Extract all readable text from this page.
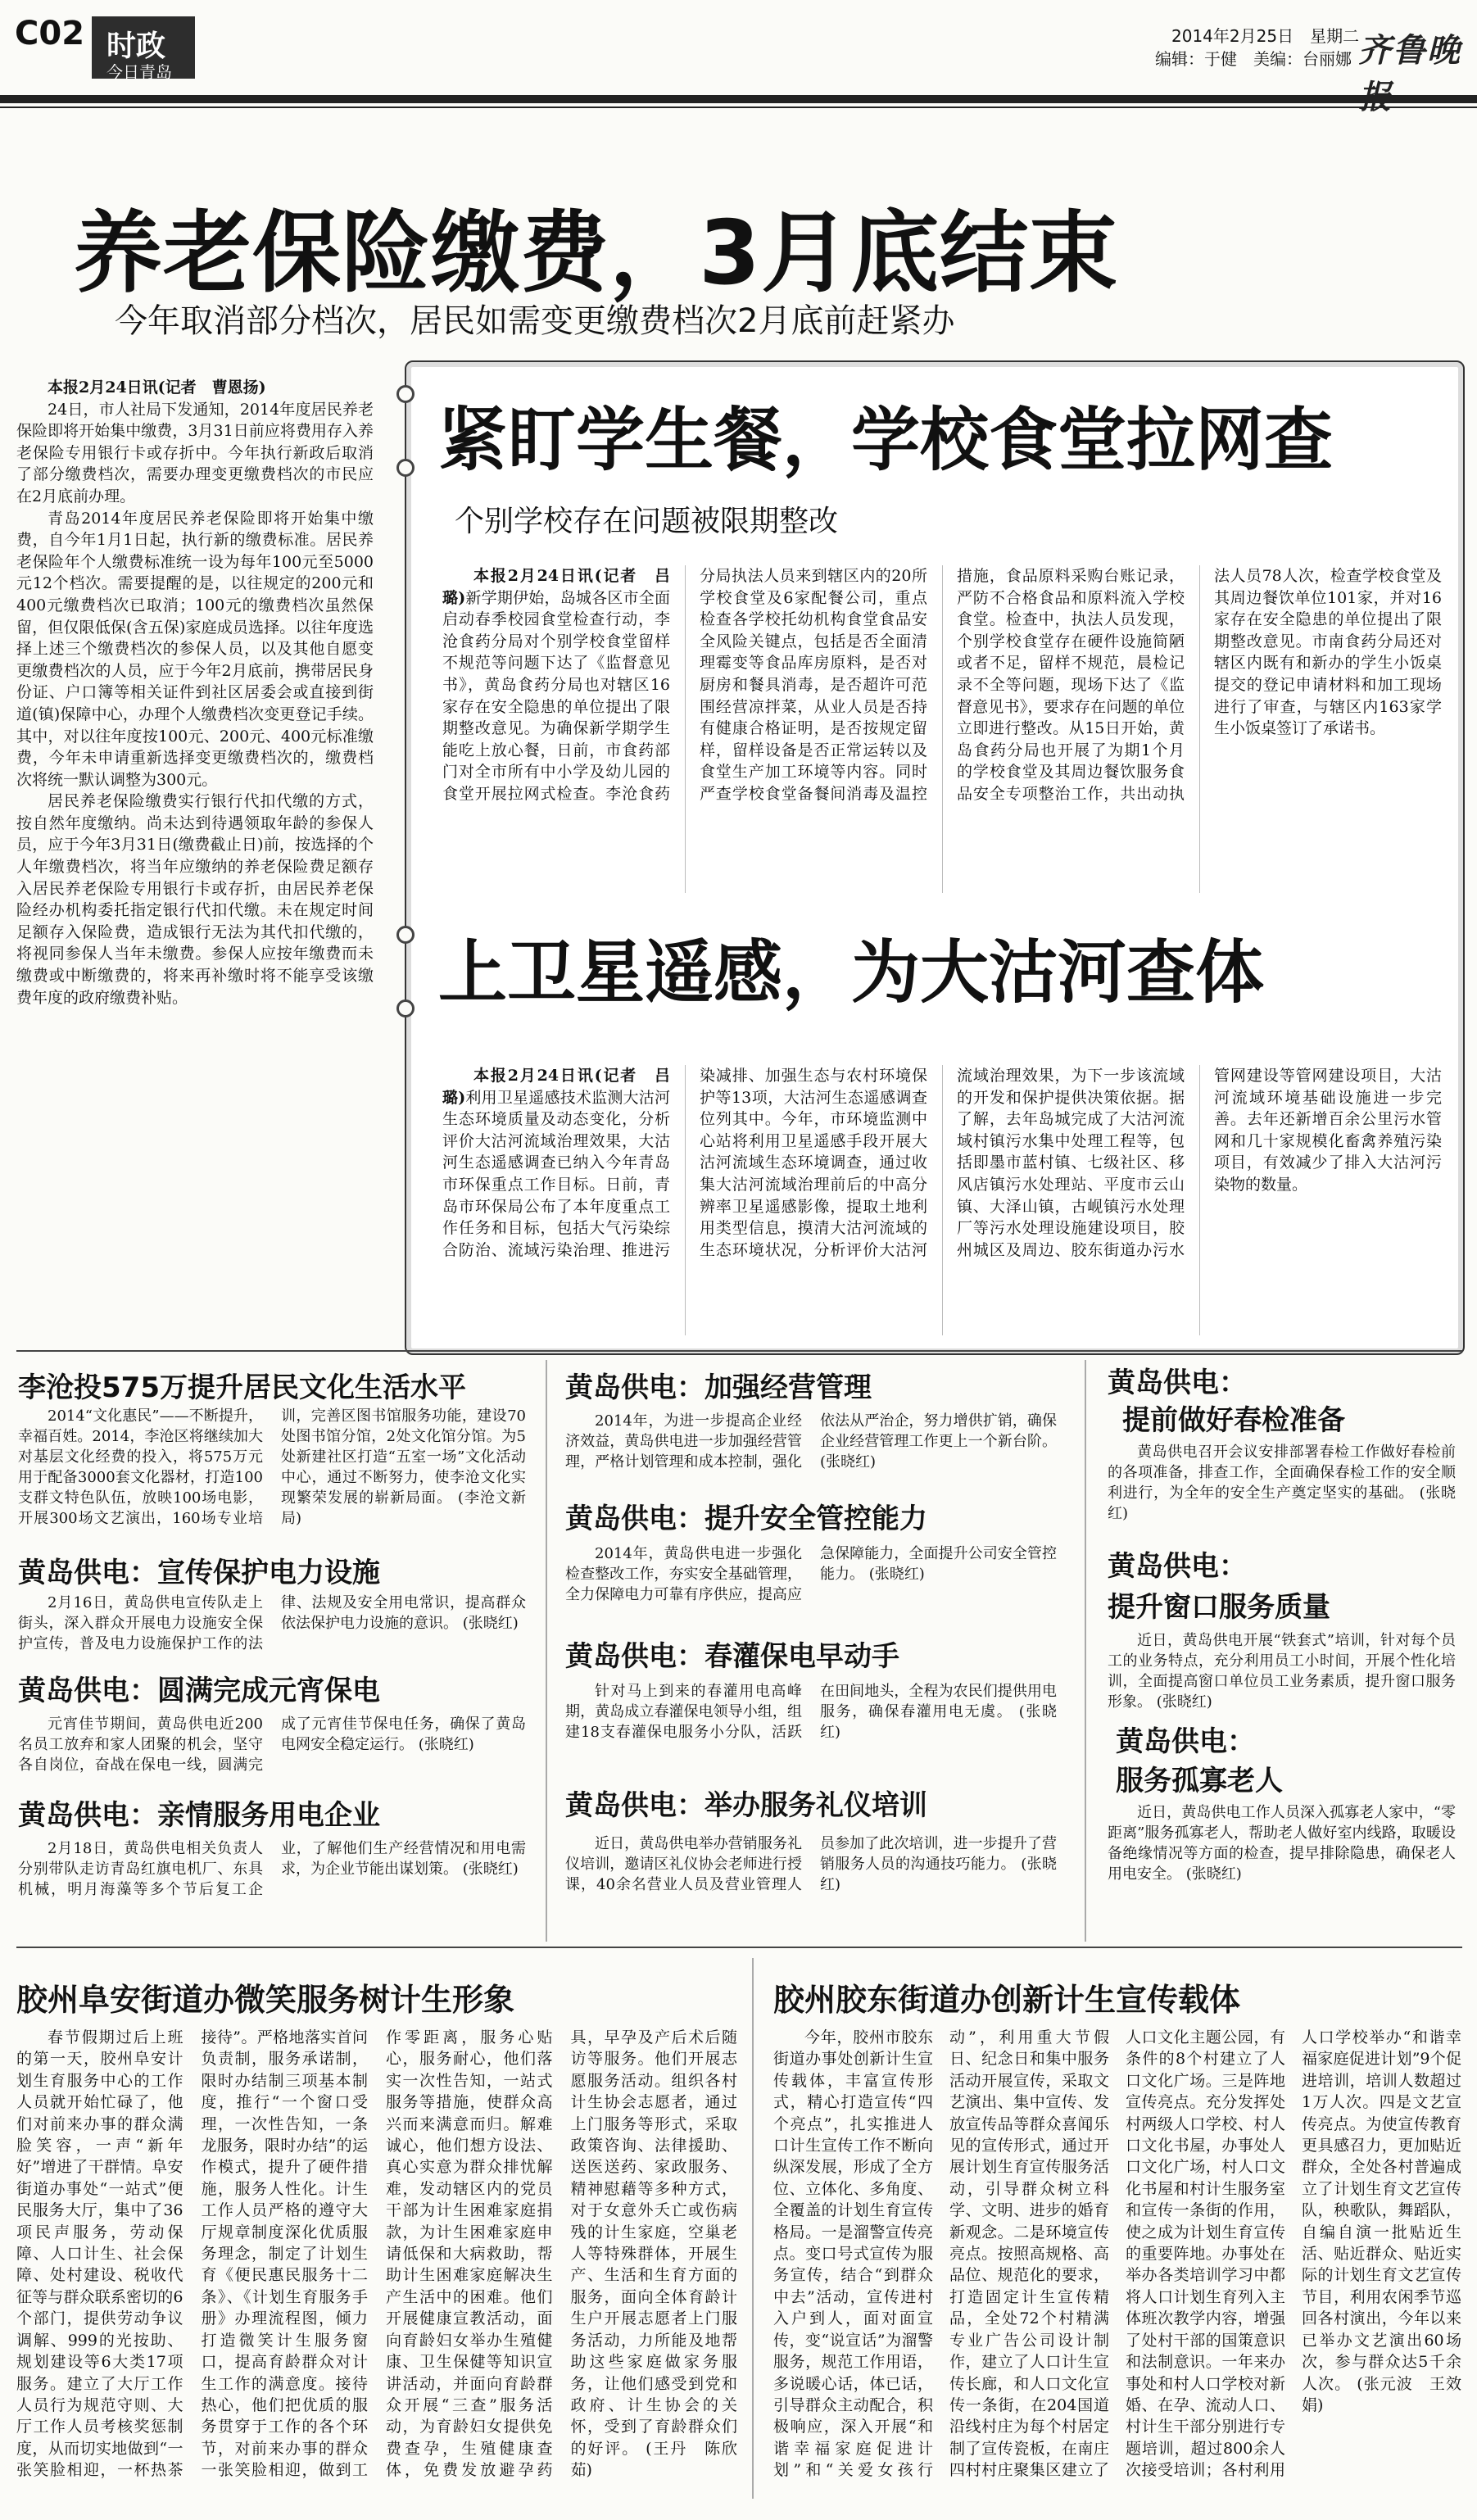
C02 时政
今日青岛
2014年2月25日　星期二
编辑：于健　美编：台丽娜 齐鲁晚
养老保险缴费，3月底结束
今年取消部分档次，居民如需变更缴费档次2月底前赶紧办

本报2月24日讯(记者　曹恩扬)

24日，市人社局下发通知，2014年度居民养老保险即将开始集中缴费，3月31日前应将费用存入养老保险专用银行卡或存折中。今年执行新政后取消了部分缴费档次，需要办理变更缴费档次的市民应在2月底前办理。

青岛2014年度居民养老保险即将开始集中缴费，自今年1月1日起，执行新的缴费标准。居民养老保险年个人缴费标准统一设为每年100元至5000元12个档次。需要提醒的是，以往规定的200元和400元缴费档次已取消；100元的缴费档次虽然保留，但仅限低保(含五保)家庭成员选择。以往年度选择上述三个缴费档次的参保人员，以及其他自愿变更缴费档次的人员，应于今年2月底前，携带居民身份证、户口簿等相关证件到社区居委会或直接到街道(镇)保障中心，办理个人缴费档次变更登记手续。其中，对以往年度按100元、200元、400元标准缴费，今年未申请重新选择变更缴费档次的，缴费档次将统一默认调整为300元。

居民养老保险缴费实行银行代扣代缴的方式，按自然年度缴纳。尚未达到待遇领取年龄的参保人员，应于今年3月31日(缴费截止日)前，按选择的个人年缴费档次，将当年应缴纳的养老保险费足额存入居民养老保险专用银行卡或存折，由居民养老保险经办机构委托指定银行代扣代缴。未在规定时间足额存入保险费，造成银行无法为其代扣代缴的，将视同参保人当年未缴费。参保人应按年缴费而未缴费或中断缴费的，将来再补缴时将不能享受该缴费年度的政府缴费补贴。

紧盯学生餐，学校食堂拉网查
个别学校存在问题被限期整改

本报2月24日讯(记者　吕璐)新学期伊始，岛城各区市全面启动春季校园食堂检查行动，李沧食药分局对个别学校食堂留样不规范等问题下达了《监督意见书》，黄岛食药分局也对辖区16家存在安全隐患的单位提出了限期整改意见。为确保新学期学生能吃上放心餐，日前，市食药部门对全市所有中小学及幼儿园的食堂开展拉网式检查。李沧食药分局执法人员来到辖区内的20所学校食堂及6家配餐公司，重点检查各学校托幼机构食堂食品安全风险关键点，包括是否全面清理霉变等食品库房原料，是否对厨房和餐具消毒，是否超许可范围经营凉拌菜，从业人员是否持有健康合格证明，是否按规定留样，留样设备是否正常运转以及食堂生产加工环境等内容。同时严查学校食堂备餐间消毒及温控措施，食品原料采购台账记录，严防不合格食品和原料流入学校食堂。检查中，执法人员发现，个别学校食堂存在硬件设施简陋或者不足，留样不规范，晨检记录不全等问题，现场下达了《监督意见书》，要求存在问题的单位立即进行整改。从15日开始，黄岛食药分局也开展了为期1个月的学校食堂及其周边餐饮服务食品安全专项整治工作，共出动执法人员78人次，检查学校食堂及其周边餐饮单位101家，并对16家存在安全隐患的单位提出了限期整改意见。市南食药分局还对辖区内既有和新办的学生小饭桌提交的登记申请材料和加工现场进行了审查，与辖区内163家学生小饭桌签订了承诺书。

上卫星遥感，为大沽河查体

本报2月24日讯(记者　吕璐)利用卫星遥感技术监测大沽河生态环境质量及动态变化，分析评价大沽河流域治理效果，大沽河生态遥感调查已纳入今年青岛市环保重点工作目标。日前，青岛市环保局公布了本年度重点工作任务和目标，包括大气污染综合防治、流域污染治理、推进污染减排、加强生态与农村环境保护等13项，大沽河生态遥感调查位列其中。今年，市环境监测中心站将利用卫星遥感手段开展大沽河流域生态环境调查，通过收集大沽河流域治理前后的中高分辨率卫星遥感影像，提取土地利用类型信息，摸清大沽河流域的生态环境状况，分析评价大沽河流域治理效果，为下一步该流域的开发和保护提供决策依据。据了解，去年岛城完成了大沽河流域村镇污水集中处理工程等，包括即墨市蓝村镇、七级社区、移风店镇污水处理站、平度市云山镇、大泽山镇，古岘镇污水处理厂等污水处理设施建设项目，胶州城区及周边、胶东街道办污水管网建设等管网建设项目，大沽河流域环境基础设施进一步完善。去年还新增百余公里污水管网和几十家规模化畜禽养殖污染项目，有效减少了排入大沽河污染物的数量。

李沧投575万提升居民文化生活水平

2014“文化惠民”——不断提升，幸福百姓。2014，李沧区将继续加大对基层文化经费的投入，将575万元用于配备3000套文化器材，打造100支群文特色队伍，放映100场电影，开展300场文艺演出，160场专业培训，完善区图书馆服务功能，建设70处图书馆分馆，2处文化馆分馆。为5处新建社区打造“五室一场”文化活动中心，通过不断努力，使李沧文化实现繁荣发展的崭新局面。 (李沧文新局)

黄岛供电：宣传保护电力设施

2月16日，黄岛供电宣传队走上街头，深入群众开展电力设施安全保护宣传，普及电力设施保护工作的法律、法规及安全用电常识，提高群众依法保护电力设施的意识。 (张晓红)

黄岛供电：圆满完成元宵保电

元宵佳节期间，黄岛供电近200名员工放弃和家人团聚的机会，坚守各自岗位，奋战在保电一线，圆满完成了元宵佳节保电任务，确保了黄岛电网安全稳定运行。 (张晓红)

黄岛供电：亲情服务用电企业

2月18日，黄岛供电相关负责人分别带队走访青岛红旗电机厂、东具机械，明月海藻等多个节后复工企业，了解他们生产经营情况和用电需求，为企业节能出谋划策。 (张晓红)

黄岛供电：加强经营管理

2014年，为进一步提高企业经济效益，黄岛供电进一步加强经营管理，严格计划管理和成本控制，强化依法从严治企，努力增供扩销，确保企业经营管理工作更上一个新台阶。 (张晓红)

黄岛供电：提升安全管控能力

2014年，黄岛供电进一步强化检查整改工作，夯实安全基础管理，全力保障电力可靠有序供应，提高应急保障能力，全面提升公司安全管控能力。 (张晓红)

黄岛供电：春灌保电早动手

针对马上到来的春灌用电高峰期，黄岛成立春灌保电领导小组，组建18支春灌保电服务小分队，活跃在田间地头，全程为农民们提供用电服务，确保春灌用电无虞。 (张晓红)

黄岛供电：举办服务礼仪培训

近日，黄岛供电举办营销服务礼仪培训，邀请区礼仪协会老师进行授课，40余名营业人员及营业管理人员参加了此次培训，进一步提升了营销服务人员的沟通技巧能力。 (张晓红)

黄岛供电：
提前做好春检准备

黄岛供电召开会议安排部署春检工作做好春检前的各项准备，排查工作，全面确保春检工作的安全顺利进行，为全年的安全生产奠定坚实的基础。 (张晓红)

黄岛供电：
提升窗口服务质量

近日，黄岛供电开展“铁套式”培训，针对每个员工的业务特点，充分利用员工小时间，开展个性化培训，全面提高窗口单位员工业务素质，提升窗口服务形象。 (张晓红)

黄岛供电：
服务孤寡老人

近日，黄岛供电工作人员深入孤寡老人家中，“零距离”服务孤寡老人，帮助老人做好室内线路，取暖设备绝缘情况等方面的检查，提早排除隐患，确保老人用电安全。 (张晓红)

胶州阜安街道办微笑服务树计生形象

春节假期过后上班的第一天，胶州阜安计划生育服务中心的工作人员就开始忙碌了，他们对前来办事的群众满脸笑容，一声“新年好”增进了干群情。阜安街道办事处“一站式”便民服务大厅，集中了36项民声服务，劳动保障、人口计生、社会保障、处村建设、税收代征等与群众联系密切的6个部门，提供劳动争议调解、999的光按助、规划建设等6大类17项服务。建立了大厅工作人员行为规范守则、大厅工作人员考核奖惩制度，从而切实地做到“一张笑脸相迎，一杯热茶接待”。严格地落实首问负责制，服务承诺制，限时办结制三项基本制度，推行“一个窗口受理，一次性告知，一条龙服务，限时办结”的运作模式，提升了硬件措施，服务人性化。计生工作人员严格的遵守大厅规章制度深化优质服务理念，制定了计划生育《便民惠民服务十二条》、《计划生育服务手册》办理流程图，倾力打造微笑计生服务窗口，提高育龄群众对计生工作的满意度。接待热心，他们把优质的服务贯穿于工作的各个环节，对前来办事的群众一张笑脸相迎，做到工作零距离，服务心贴心，服务耐心，他们落实一次性告知，一站式服务等措施，使群众高兴而来满意而归。解难诚心，他们想方设法、真心实意为群众排忧解难，发动辖区内的党员干部为计生困难家庭捐款，为计生困难家庭申请低保和大病救助，帮助计生困难家庭解决生产生活中的困难。他们开展健康宣教活动，面向育龄妇女举办生殖健康、卫生保健等知识宣讲活动，并面向育龄群众开展“三查”服务活动，为育龄妇女提供免费查孕，生殖健康查体，免费发放避孕药具，早孕及产后术后随访等服务。他们开展志愿服务活动。组织各村计生协会志愿者，通过上门服务等形式，采取政策咨询、法律援助、送医送药、家政服务、精神慰藉等多种方式，对于女意外夭亡或伤病残的计生家庭，空巢老人等特殊群体，开展生产、生活和生育方面的服务，面向全体育龄计生户开展志愿者上门服务活动，力所能及地帮助这些家庭做家务服务，让他们感受到党和政府、计生协会的关怀，受到了育龄群众们的好评。 (王丹　陈欣茹)

胶州胶东街道办创新计生宣传载体

今年，胶州市胶东街道办事处创新计生宣传载体，丰富宣传形式，精心打造宣传“四个亮点”，扎实推进人口计生宣传工作不断向纵深发展，形成了全方位、立体化、多角度、全覆盖的计划生育宣传格局。一是溜警宣传亮点。变口号式宣传为服务宣传，结合“到群众中去”活动，宣传进村入户到人，面对面宣传，变“说宣话”为溜警服务，规范工作用语，多说暖心话，体已话，引导群众主动配合，积极响应，深入开展“和谐幸福家庭促进计划”和“关爱女孩行动”，利用重大节假日、纪念日和集中服务活动开展宣传，采取文艺演出、集中宣传、发放宣传品等群众喜闻乐见的宣传形式，通过开展计划生育宣传服务活动，引导群众树立科学、文明、进步的婚育新观念。二是环境宣传亮点。按照高规格、高品位、规范化的要求，打造固定计生宣传精品，全处72个村精满专业广告公司设计制作，建立了人口计生宣传长廊，和人口文化宣传一条街，在204国道沿线村庄为每个村居定制了宣传瓷板，在南庄四村村庄聚集区建立了人口文化主题公园，有条件的8个村建立了人口文化广场。三是阵地宣传亮点。充分发挥处村两级人口学校、村人口文化书屋，办事处人口文化广场，村人口文化书屋和村计生服务室和宣传一条街的作用，使之成为计划生育宣传的重要阵地。办事处在举办各类培训学习中都将人口计划生育列入主体班次教学内容，增强了处村干部的国策意识和法制意识。一年来办事处和村人口学校对新婚、在孕、流动人口、村计生干部分别进行专题培训，超过800余人次接受培训；各村利用人口学校举办“和谐幸福家庭促进计划”9个促进培训，培训人数超过1万人次。四是文艺宣传亮点。为使宣传教育更具感召力，更加贴近群众，全处各村普遍成立了计划生育文艺宣传队，秧歌队，舞蹈队，自编自演一批贴近生活、贴近群众、贴近实际的计划生育文艺宣传节目，利用农闲季节巡回各村演出，今年以来已举办文艺演出60场次，参与群众达5千余人次。 (张元波　王效娟)
